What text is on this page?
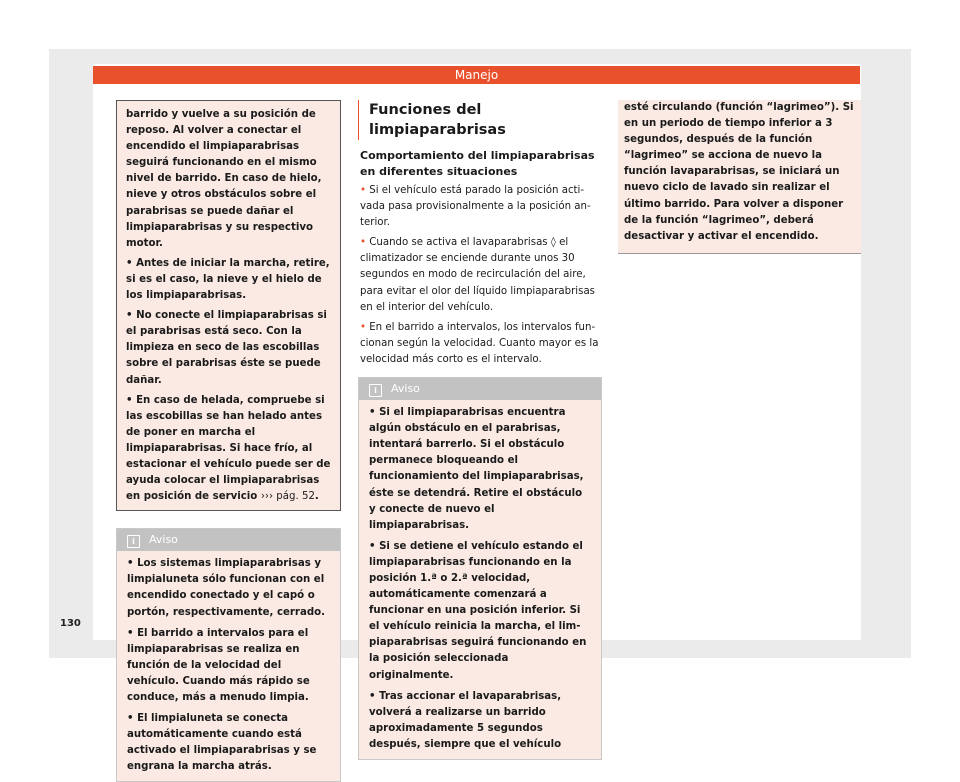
Manejo

barrido y vuelve a su posición de reposo. Al volver a conectar el encendido el limpiaparabrisas seguirá funcionando en el mismo nivel de barrido. En caso de hielo, nieve y otros obstáculos sobre el parabrisas se puede dañar el limpiaparabrisas y su respectivo motor.

• Antes de iniciar la marcha, retire, si es el caso, la nieve y el hielo de los limpiaparabrisas.

• No conecte el limpiaparabrisas si el parabrisas está seco. Con la limpieza en seco de las escobillas sobre el parabrisas éste se puede dañar.

• En caso de helada, compruebe si las escobillas se han helado antes de poner en marcha el limpiaparabrisas. Si hace frío, al estacionar el vehículo puede ser de ayuda colocar el limpiaparabrisas en posición de servicio ››› pág. 52.

i Aviso

• Los sistemas limpiaparabrisas y limpialuneta sólo funcionan con el encendido conectado y el capó o portón, respectivamente, cerrado.

• El barrido a intervalos para el limpiaparabrisas se realiza en función de la velocidad del vehículo. Cuando más rápido se conduce, más a menudo limpia.

• El limpialuneta se conecta automáticamente cuando está activado el limpiaparabrisas y se engrana la marcha atrás.

Funciones del limpiaparabrisas
Comportamiento del limpiaparabrisas en diferentes situaciones

• Si el vehículo está parado la posición activada pasa provisionalmente a la posición anterior.

• Cuando se activa el lavaparabrisas ◊ el climatizador se enciende durante unos 30 segundos en modo de recirculación del aire, para evitar el olor del líquido limpiaparabrisas en el interior del vehículo.

• En el barrido a intervalos, los intervalos funcionan según la velocidad. Cuanto mayor es la velocidad más corto es el intervalo.

i Aviso

• Si el limpiaparabrisas encuentra algún obstáculo en el parabrisas, intentará barrerlo. Si el obstáculo permanece bloqueando el funcionamiento del limpiaparabrisas, éste se detendrá. Retire el obstáculo y conecte de nuevo el limpiaparabrisas.

• Si se detiene el vehículo estando el limpiaparabrisas funcionando en la posición 1.ª o 2.ª velocidad, automáticamente comenzará a funcionar en una posición inferior. Si el vehículo reinicia la marcha, el limpiaparabrisas seguirá funcionando en la posición seleccionada originalmente.

• Tras accionar el lavaparabrisas, volverá a realizarse un barrido aproximadamente 5 segundos después, siempre que el vehículo

esté circulando (función “lagrimeo”). Si en un periodo de tiempo inferior a 3 segundos, después de la función “lagrimeo” se acciona de nuevo la función lavaparabrisas, se iniciará un nuevo ciclo de lavado sin realizar el último barrido. Para volver a disponer de la función “lagrimeo”, deberá desactivar y activar el encendido.

130
